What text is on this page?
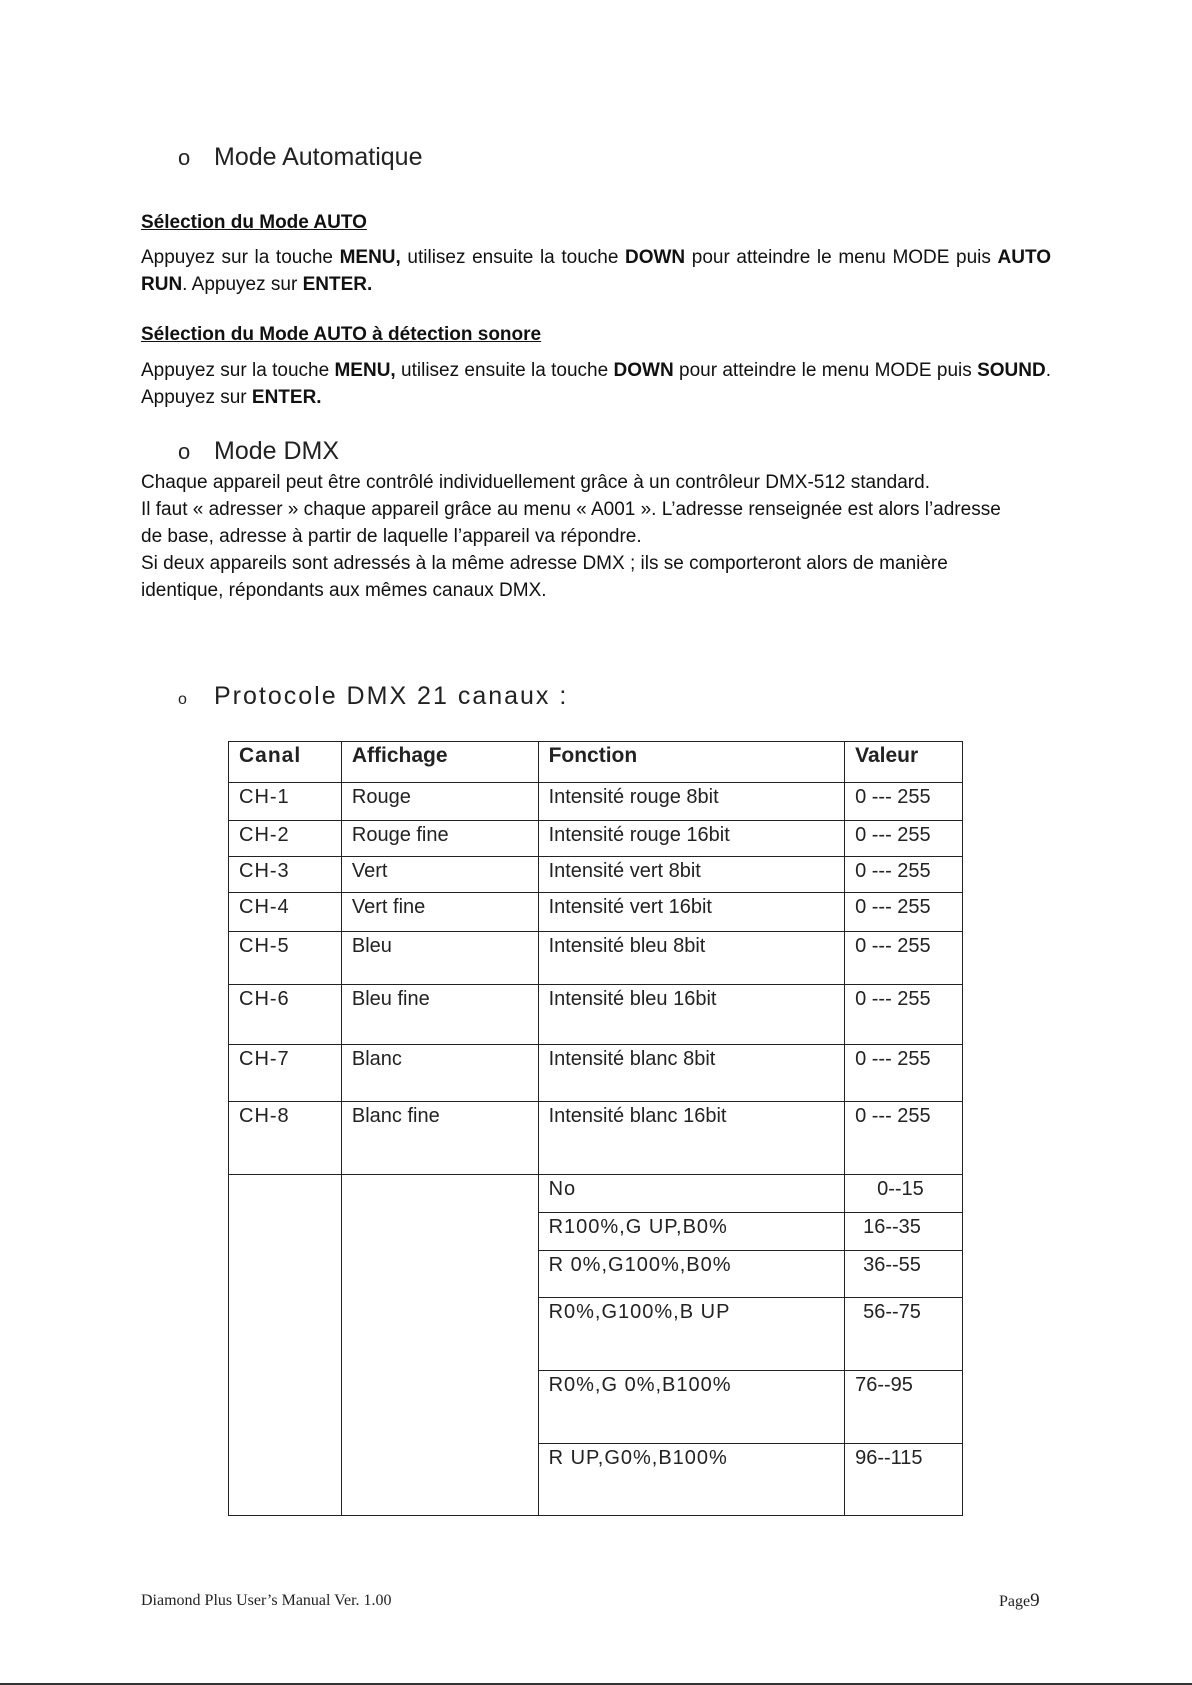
o Mode Automatique
Sélection du Mode AUTO
Appuyez sur la touche MENU, utilisez ensuite la touche DOWN pour atteindre le menu MODE puis AUTO RUN. Appuyez sur ENTER.
Sélection du Mode AUTO à détection sonore
Appuyez sur la touche MENU, utilisez ensuite la touche DOWN pour atteindre le menu MODE puis SOUND. Appuyez sur ENTER.
o Mode DMX
Chaque appareil peut être contrôlé individuellement grâce à un contrôleur DMX-512 standard.
Il faut « adresser » chaque appareil grâce au menu « A001 ». L’adresse renseignée est alors l’adresse
de base, adresse à partir de laquelle l’appareil va répondre.
Si deux appareils sont adressés à la même adresse DMX ; ils se comporteront alors de manière
identique, répondants aux mêmes canaux DMX.
o Protocole DMX 21 canaux :
Canal	Affichage	Fonction	Valeur
CH-1	Rouge	Intensité rouge 8bit	0 --- 255
CH-2	Rouge fine	Intensité rouge 16bit	0 --- 255
CH-3	Vert	Intensité vert 8bit	0 --- 255
CH-4	Vert fine	Intensité vert 16bit	0 --- 255
CH-5	Bleu	Intensité bleu 8bit	0 --- 255
CH-6	Bleu fine	Intensité bleu 16bit	0 --- 255
CH-7	Blanc	Intensité blanc 8bit	0 --- 255
CH-8	Blanc fine	Intensité blanc 16bit	0 --- 255
		No	0--15
		R100%,G UP,B0%	16--35
		R 0%,G100%,B0%	36--55
		R0%,G100%,B UP	56--75
		R0%,G 0%,B100%	76--95
		R UP,G0%,B100%	96--115
Diamond Plus User’s Manual Ver. 1.00	Page9
